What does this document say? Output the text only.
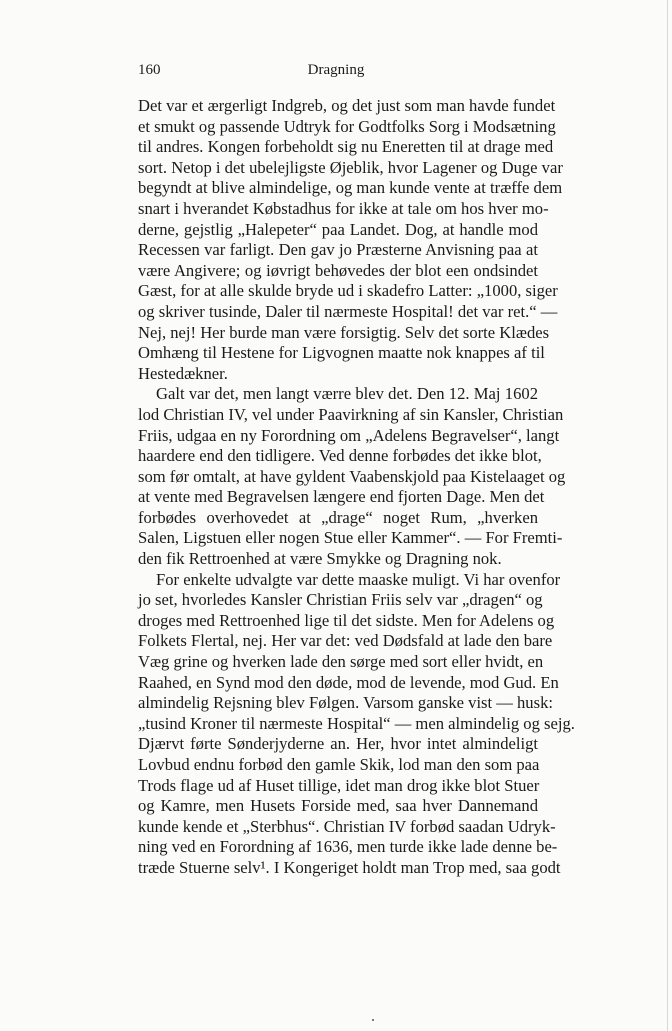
160	Dragning
Det var et ærgerligt Indgreb, og det just som man havde fundet
et smukt og passende Udtryk for Godtfolks Sorg i Modsætning
til andres. Kongen forbeholdt sig nu Eneretten til at drage med
sort. Netop i det ubelejligste Øjeblik, hvor Lagener og Duge var
begyndt at blive almindelige, og man kunde vente at træffe dem
snart i hverandet Købstadhus for ikke at tale om hos hver mo-
derne, gejstlig „Halepeter“ paa Landet. Dog, at handle mod
Recessen var farligt. Den gav jo Præsterne Anvisning paa at
være Angivere; og iøvrigt behøvedes der blot een ondsindet
Gæst, for at alle skulde bryde ud i skadefro Latter: „1000, siger
og skriver tusinde, Daler til nærmeste Hospital! det var ret.“ —
Nej, nej! Her burde man være forsigtig. Selv det sorte Klædes
Omhæng til Hestene for Ligvognen maatte nok knappes af til
Hestedækner.
Galt var det, men langt værre blev det. Den 12. Maj 1602
lod Christian IV, vel under Paavirkning af sin Kansler, Christian
Friis, udgaa en ny Forordning om „Adelens Begravelser“, langt
haardere end den tidligere. Ved denne forbødes det ikke blot,
som før omtalt, at have gyldent Vaabenskjold paa Kistelaaget og
at vente med Begravelsen længere end fjorten Dage. Men det
forbødes overhovedet at „drage“ noget Rum, „hverken
Salen, Ligstuen eller nogen Stue eller Kammer“. — For Fremti-
den fik Rettroenhed at være Smykke og Dragning nok.
For enkelte udvalgte var dette maaske muligt. Vi har ovenfor
jo set, hvorledes Kansler Christian Friis selv var „dragen“ og
droges med Rettroenhed lige til det sidste. Men for Adelens og
Folkets Flertal, nej. Her var det: ved Dødsfald at lade den bare
Væg grine og hverken lade den sørge med sort eller hvidt, en
Raahed, en Synd mod den døde, mod de levende, mod Gud. En
almindelig Rejsning blev Følgen. Varsom ganske vist — husk:
„tusind Kroner til nærmeste Hospital“ — men almindelig og sejg.
Djærvt førte Sønderjyderne an. Her, hvor intet almindeligt
Lovbud endnu forbød den gamle Skik, lod man den som paa
Trods flage ud af Huset tillige, idet man drog ikke blot Stuer
og Kamre, men Husets Forside med, saa hver Dannemand
kunde kende et „Sterbhus“. Christian IV forbød saadan Udryk-
ning ved en Forordning af 1636, men turde ikke lade denne be-
træde Stuerne selv¹. I Kongeriget holdt man Trop med, saa godt
